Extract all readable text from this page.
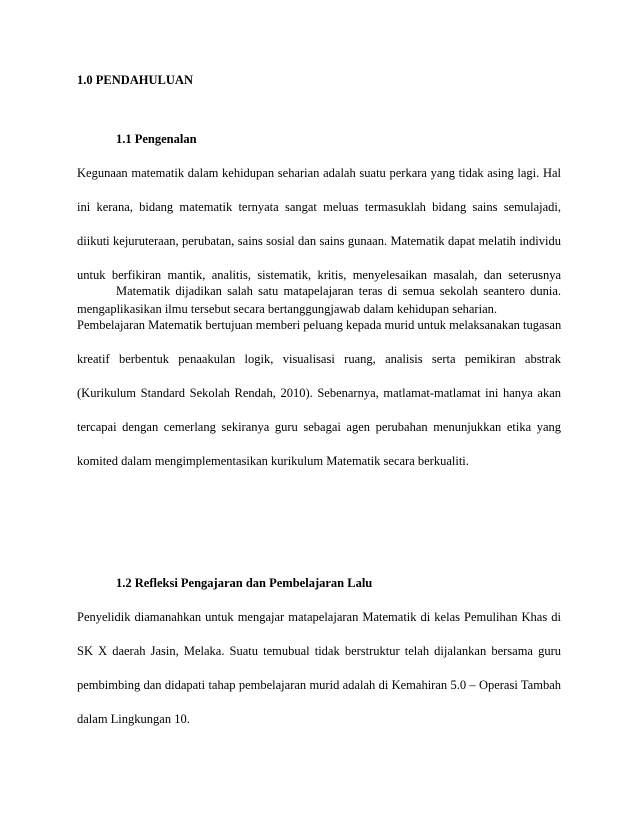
1.0 PENDAHULUAN
1.1 Pengenalan
Kegunaan matematik dalam kehidupan seharian adalah suatu perkara yang tidak asing lagi. Hal
ini kerana, bidang matematik ternyata sangat meluas termasuklah bidang sains semulajadi,
diikuti kejuruteraan, perubatan, sains sosial dan sains gunaan. Matematik dapat melatih individu
untuk berfikiran mantik, analitis, sistematik, kritis, menyelesaikan masalah, dan seterusnya
mengaplikasikan ilmu tersebut secara bertanggungjawab dalam kehidupan seharian.
Matematik dijadikan salah satu matapelajaran teras di semua sekolah seantero dunia.
Pembelajaran Matematik bertujuan memberi peluang kepada murid untuk melaksanakan tugasan
kreatif berbentuk penaakulan logik, visualisasi ruang, analisis serta pemikiran abstrak
(Kurikulum Standard Sekolah Rendah, 2010). Sebenarnya, matlamat-matlamat ini hanya akan
tercapai dengan cemerlang sekiranya guru sebagai agen perubahan menunjukkan etika yang
komited dalam mengimplementasikan kurikulum Matematik secara berkualiti.
1.2 Refleksi Pengajaran dan Pembelajaran Lalu
Penyelidik diamanahkan untuk mengajar matapelajaran Matematik di kelas Pemulihan Khas di
SK X daerah Jasin, Melaka. Suatu temubual tidak berstruktur telah dijalankan bersama guru
pembimbing dan didapati tahap pembelajaran murid adalah di Kemahiran 5.0 – Operasi Tambah
dalam Lingkungan 10.
